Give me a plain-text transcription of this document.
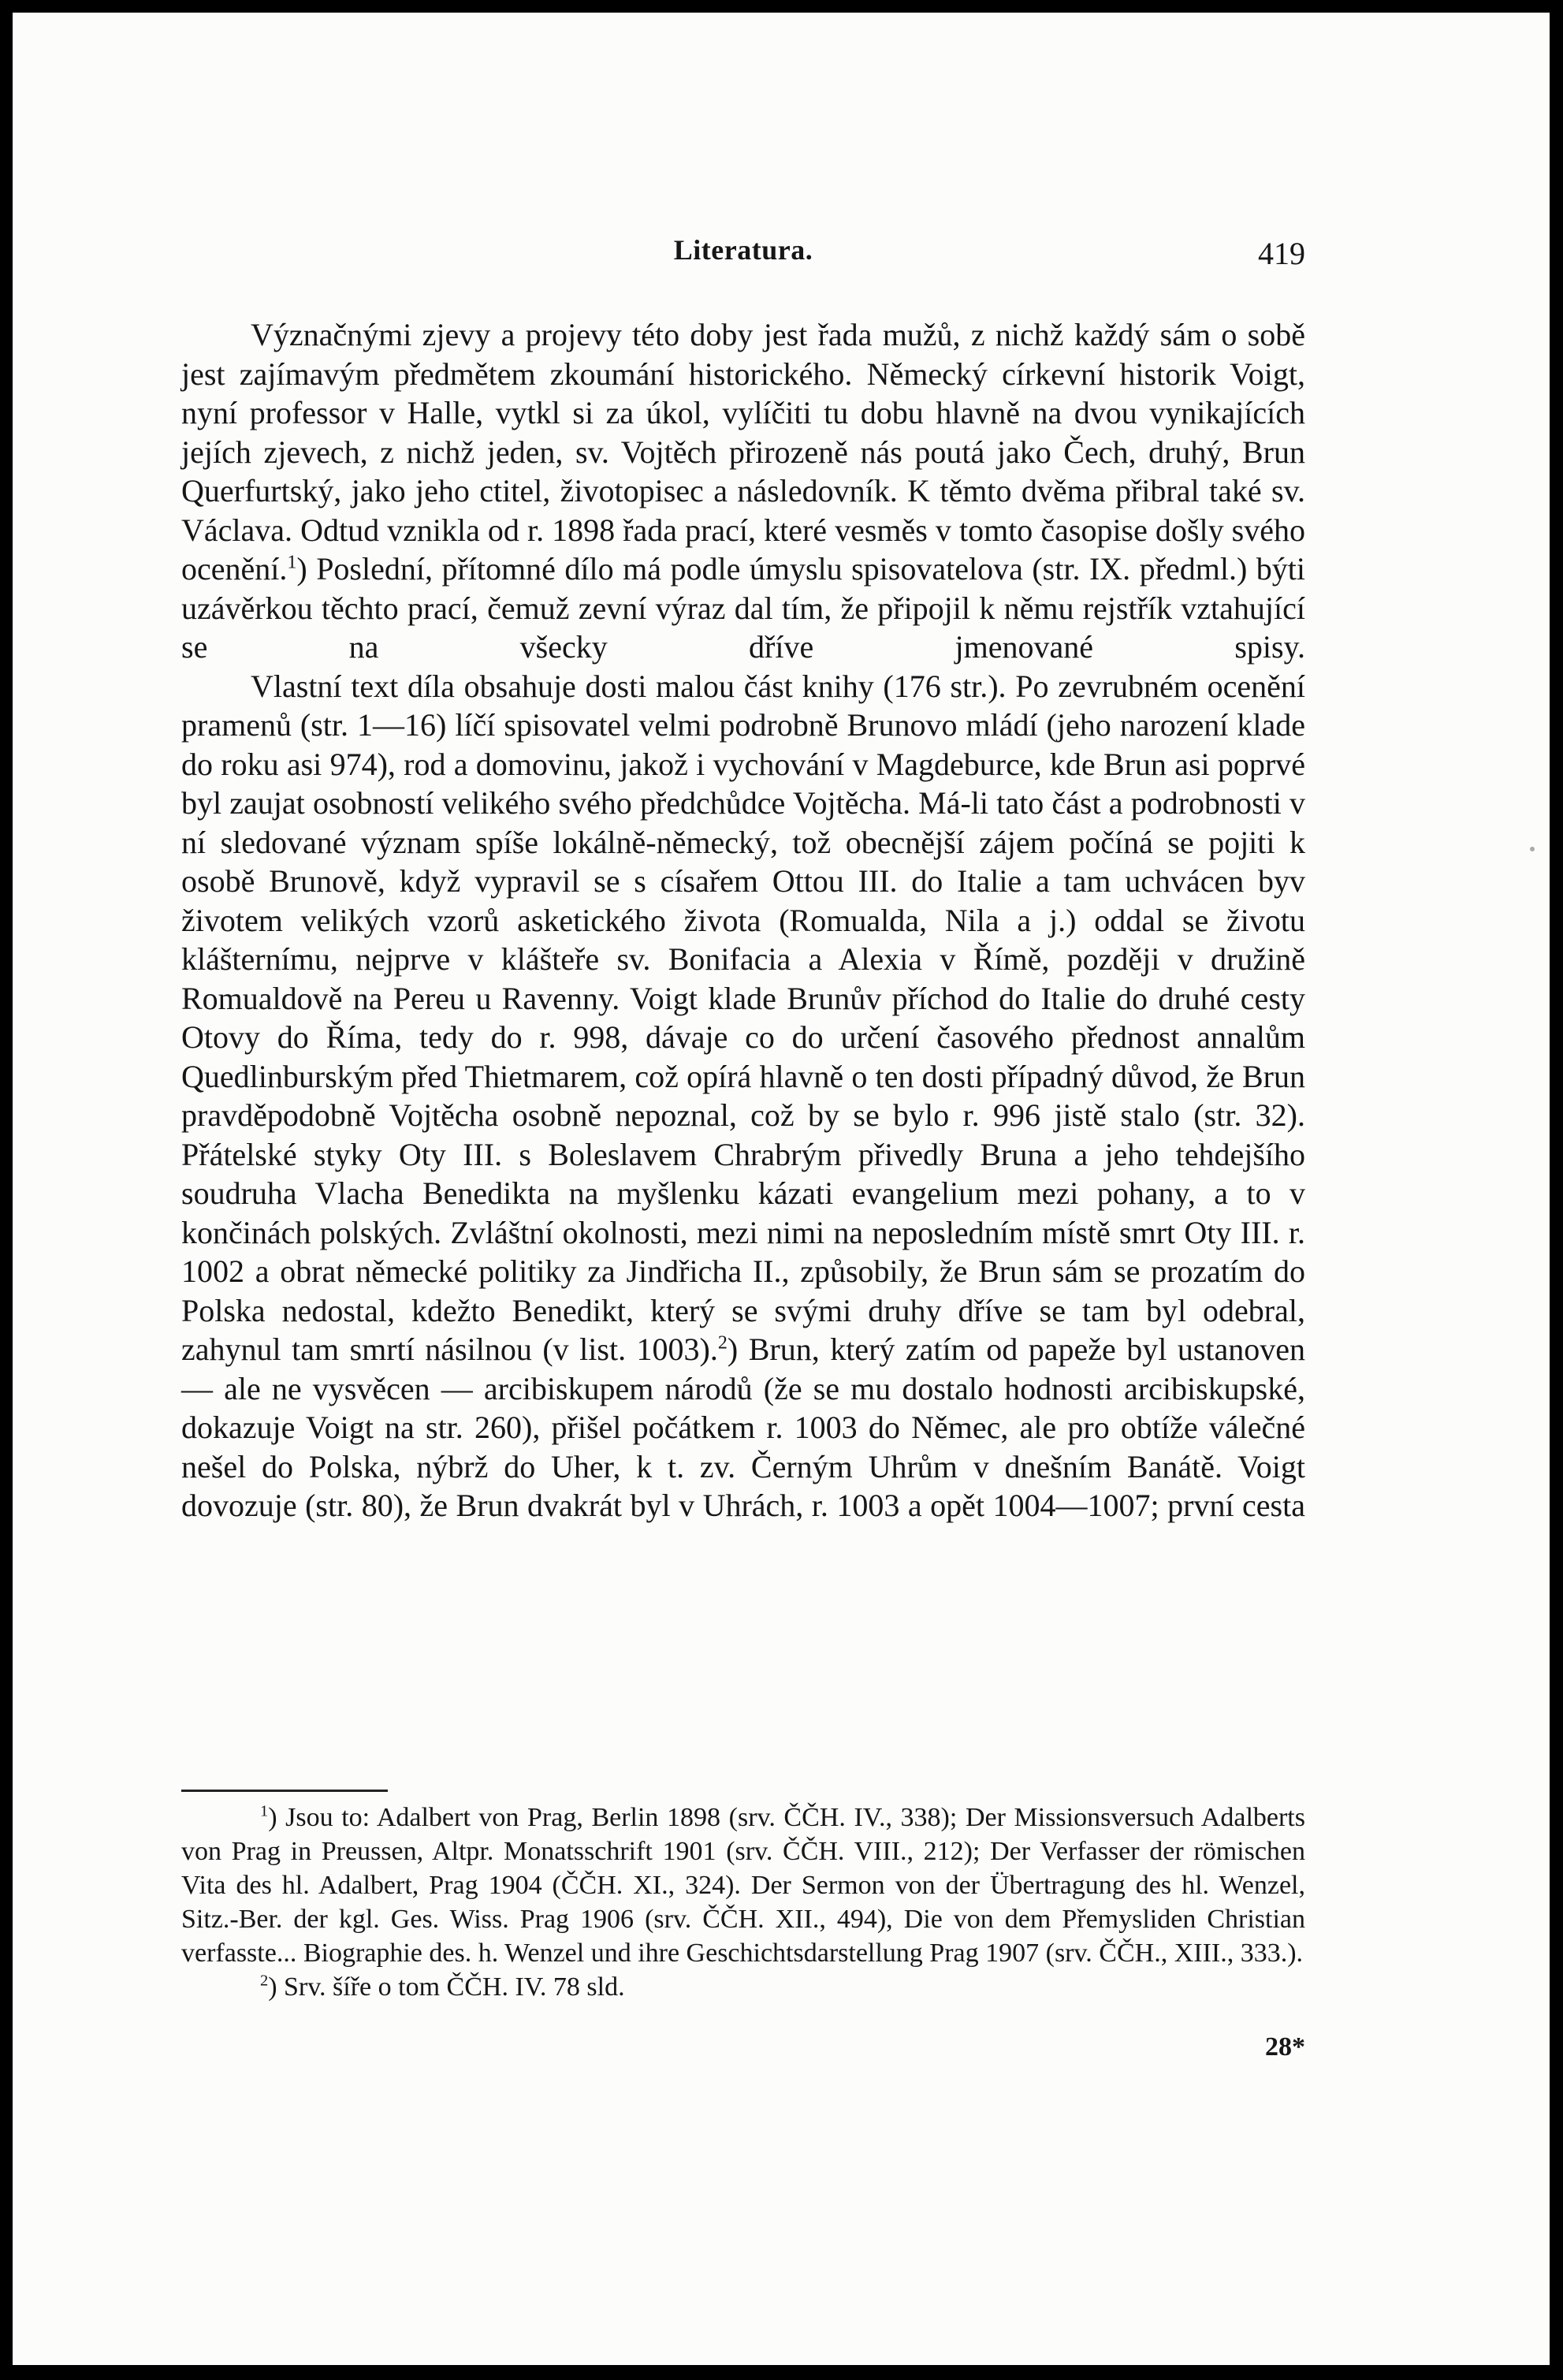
Literatura.	419

Význačnými zjevy a projevy této doby jest řada mužů, z nichž každý sám o sobě jest zajímavým předmětem zkoumání historického. Německý církevní historik Voigt, nyní professor v Halle, vytkl si za úkol, vylíčiti tu dobu hlavně na dvou vynikajících jejích zjevech, z nichž jeden, sv. Vojtěch přirozeně nás poutá jako Čech, druhý, Brun Querfurtský, jako jeho ctitel, životopisec a následovník. K těmto dvěma přibral také sv. Václava. Odtud vznikla od r. 1898 řada prací, které vesměs v tomto časopise došly svého ocenění.$^1$) Poslední, přítomné dílo má podle úmyslu spisovatelova (str. IX. předml.) býti uzávěrkou těchto prací, čemuž zevní výraz dal tím, že připojil k němu rejstřík vztahující se na všecky dříve jmenované spisy.

Vlastní text díla obsahuje dosti malou část knihy (176 str.). Po zevrubném ocenění pramenů (str. 1—16) líčí spisovatel velmi podrobně Brunovo mládí (jeho narození klade do roku asi 974), rod a domovinu, jakož i vychování v Magdeburce, kde Brun asi poprvé byl zaujat osobností velikého svého předchůdce Vojtěcha. Má-li tato část a podrobnosti v ní sledované význam spíše lokálně-německý, tož obecnější zájem počíná se pojiti k osobě Brunově, když vypravil se s císařem Ottou III. do Italie a tam uchvácen byv životem velikých vzorů asketického života (Romualda, Nila a j.) oddal se životu klášternímu, nejprve v klášteře sv. Bonifacia a Alexia v Římě, později v družině Romualdově na Pereu u Ravenny. Voigt klade Brunův příchod do Italie do druhé cesty Otovy do Říma, tedy do r. 998, dávaje co do určení časového přednost annalům Quedlinburským před Thietmarem, což opírá hlavně o ten dosti případný důvod, že Brun pravděpodobně Vojtěcha osobně nepoznal, což by se bylo r. 996 jistě stalo (str. 32). Přátelské styky Oty III. s Boleslavem Chrabrým přivedly Bruna a jeho tehdejšího soudruha Vlacha Benedikta na myšlenku kázati evangelium mezi pohany, a to v končinách polských. Zvláštní okolnosti, mezi nimi na neposledním místě smrt Oty III. r. 1002 a obrat německé politiky za Jindřicha II., způsobily, že Brun sám se prozatím do Polska nedostal, kdežto Benedikt, který se svými druhy dříve se tam byl odebral, zahynul tam smrtí násilnou (v list. 1003).$^2$) Brun, který zatím od papeže byl ustanoven — ale ne vysvěcen — arcibiskupem národů (že se mu dostalo hodnosti arcibiskupské, dokazuje Voigt na str. 260), přišel počátkem r. 1003 do Němec, ale pro obtíže válečné nešel do Polska, nýbrž do Uher, k t. zv. Černým Uhrům v dnešním Banátě. Voigt dovozuje (str. 80), že Brun dvakrát byl v Uhrách, r. 1003 a opět 1004—1007; první cesta

$^1$) Jsou to: Adalbert von Prag, Berlin 1898 (srv. ČČH. IV., 338); Der Missionsversuch Adalberts von Prag in Preussen, Altpr. Monatsschrift 1901 (srv. ČČH. VIII., 212); Der Verfasser der römischen Vita des hl. Adalbert, Prag 1904 (ČČH. XI., 324). Der Sermon von der Übertragung des hl. Wenzel, Sitz.-Ber. der kgl. Ges. Wiss. Prag 1906 (srv. ČČH. XII., 494), Die von dem Přemysliden Christian verfasste... Biographie des. h. Wenzel und ihre Geschichtsdarstellung Prag 1907 (srv. ČČH., XIII., 333.).

$^2$) Srv. šíře o tom ČČH. IV. 78 sld.

28*
